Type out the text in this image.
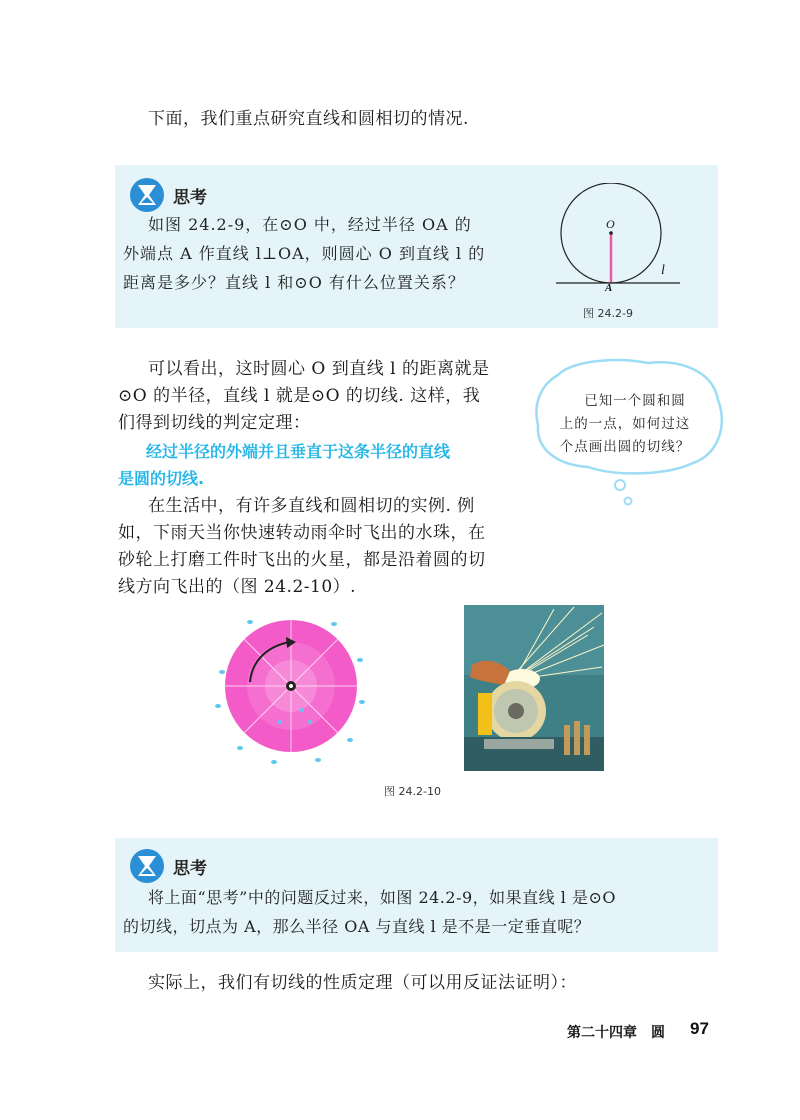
下面，我们重点研究直线和圆相切的情况.
思考
如图 24.2-9，在⊙O 中，经过半径 OA 的
外端点 A 作直线 l⊥OA，则圆心 O 到直线 l 的
距离是多少？直线 l 和⊙O 有什么位置关系？
O
A
l
图 24.2-9
可以看出，这时圆心 O 到直线 l 的距离就是
⊙O 的半径，直线 l 就是⊙O 的切线. 这样，我
们得到切线的判定定理：
经过半径的外端并且垂直于这条半径的直线
是圆的切线.
已知一个圆和圆
上的一点，如何过这
个点画出圆的切线？
在生活中，有许多直线和圆相切的实例. 例
如，下雨天当你快速转动雨伞时飞出的水珠，在
砂轮上打磨工件时飞出的火星，都是沿着圆的切
线方向飞出的（图 24.2-10）.
图 24.2-10
思考
将上面“思考”中的问题反过来，如图 24.2-9，如果直线 l 是⊙O
的切线，切点为 A，那么半径 OA 与直线 l 是不是一定垂直呢？
实际上，我们有切线的性质定理（可以用反证法证明）：
第二十四章　圆 97
